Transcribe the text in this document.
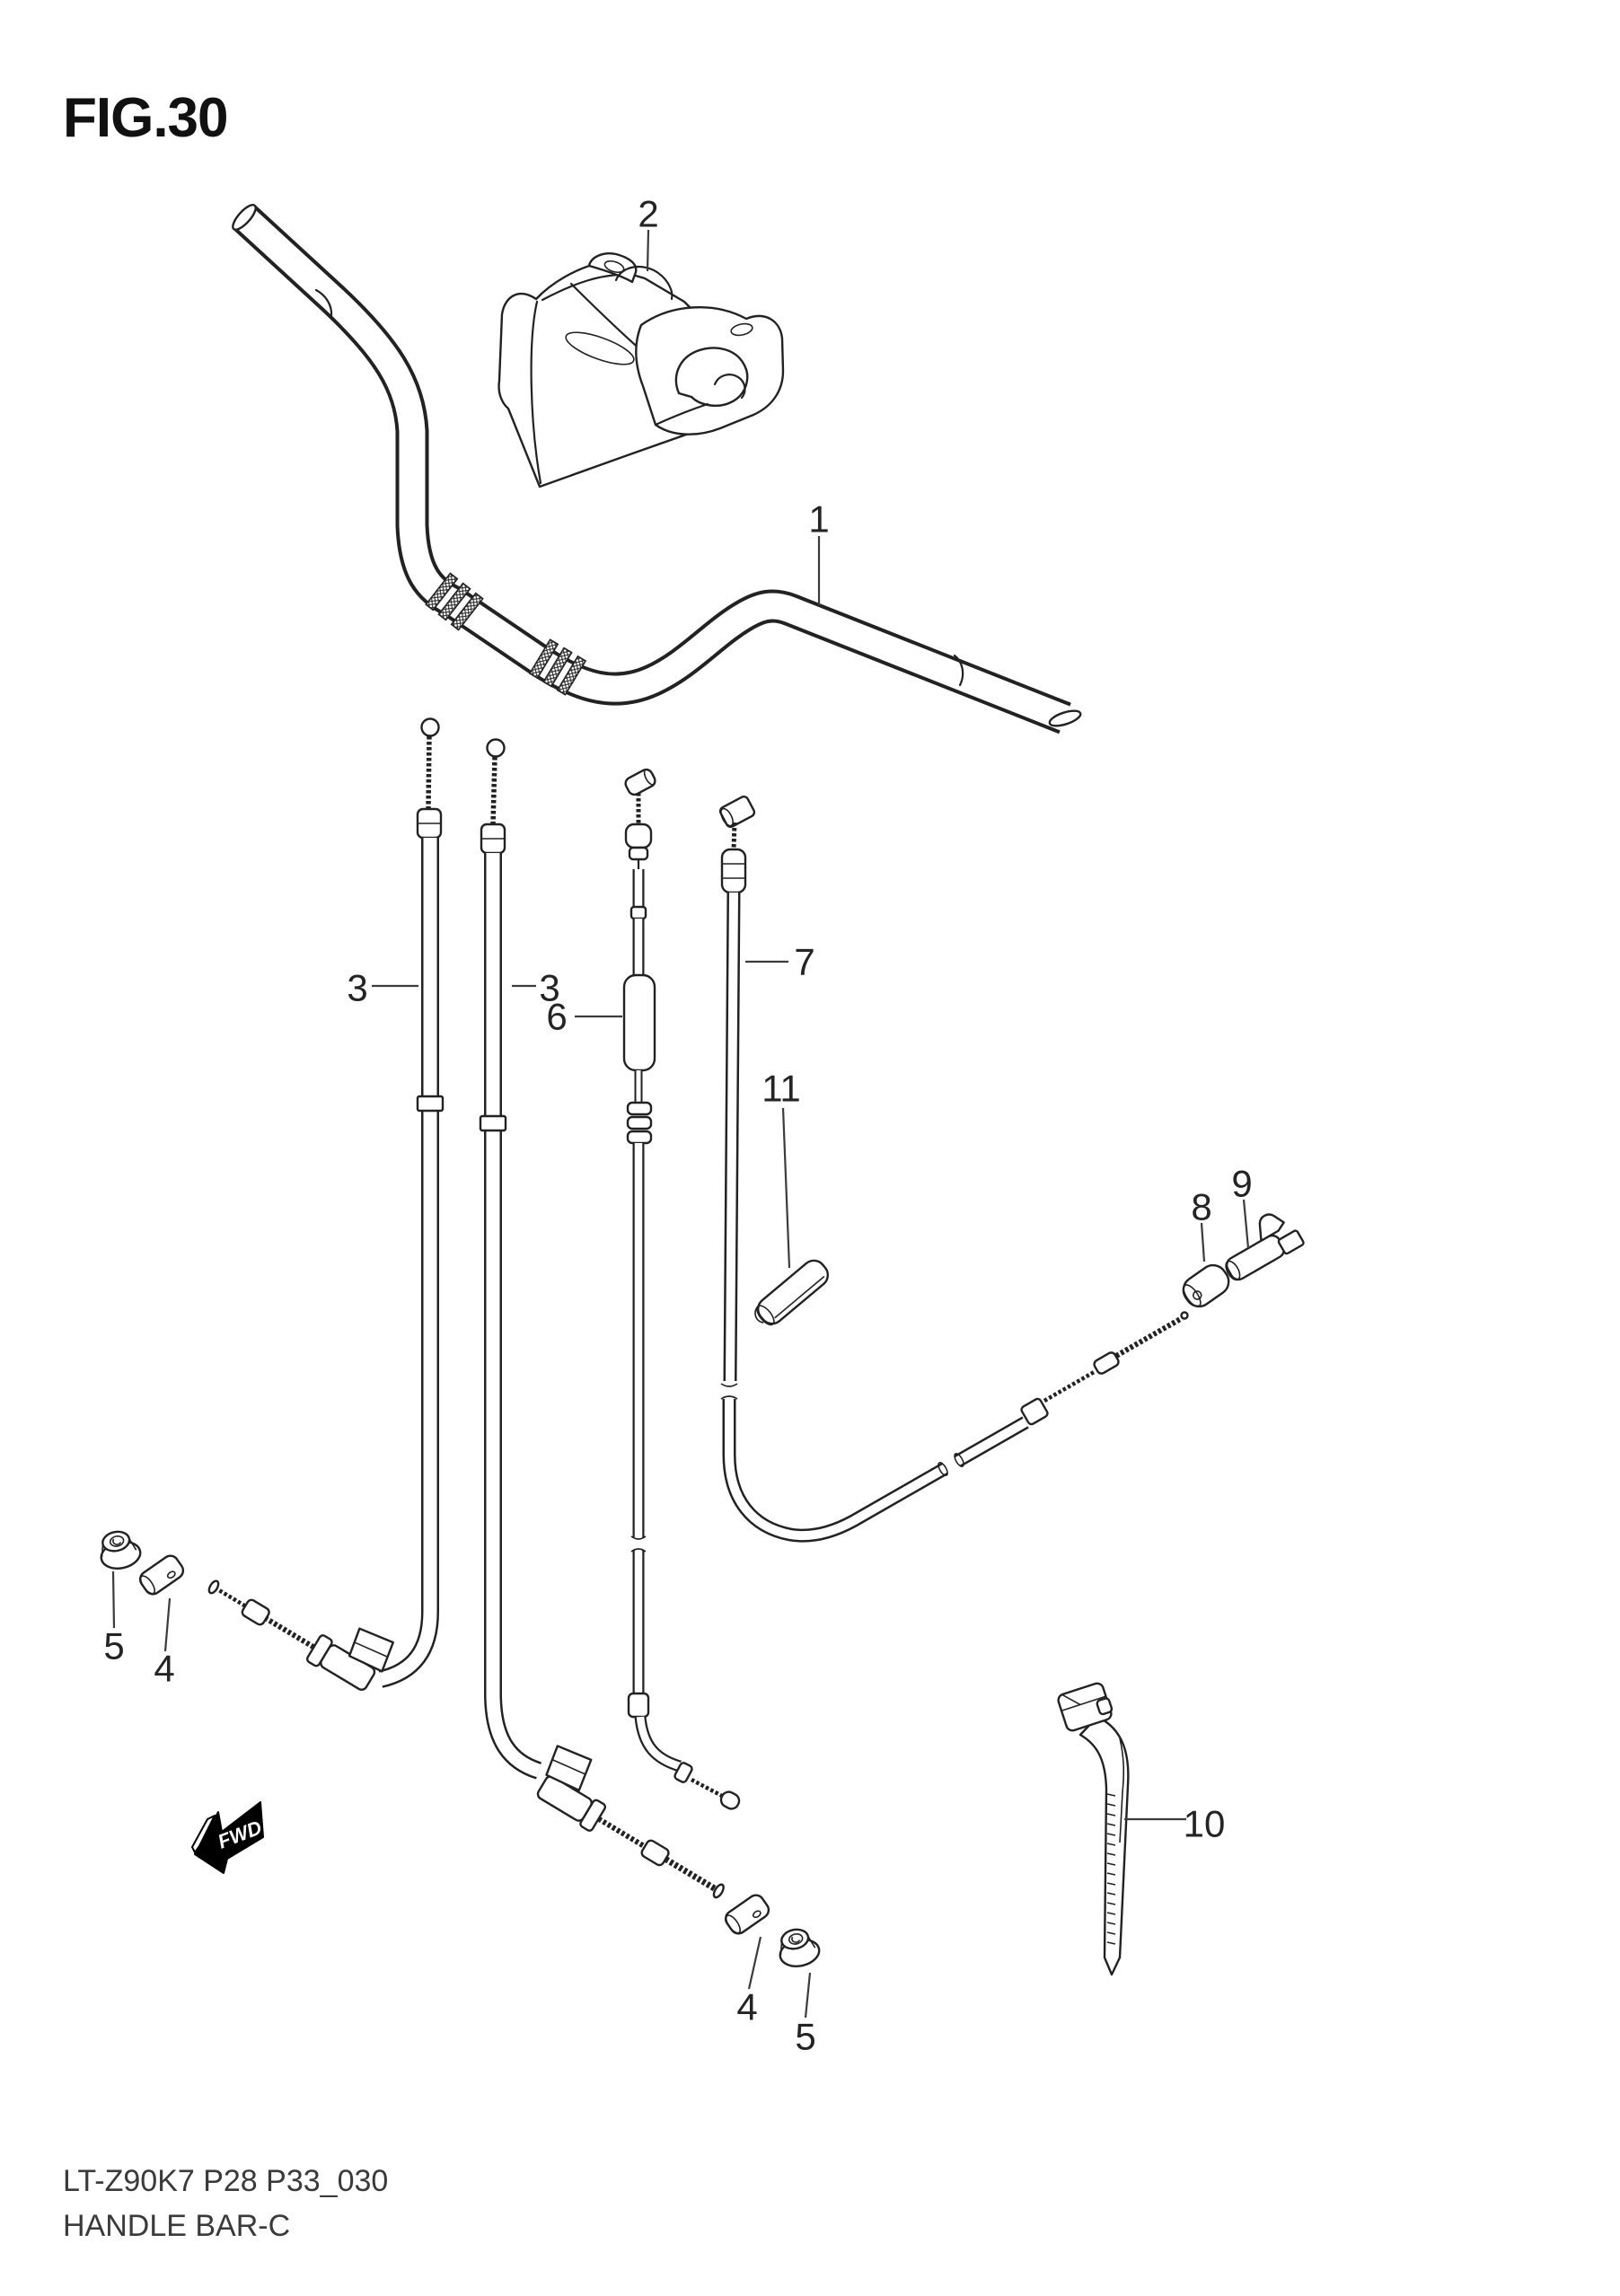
FWD
1
2
3	3
6
7
11
8
9
5
4
4
5
10
FIG.30
LT-Z90K7 P28 P33_030
HANDLE BAR-C
